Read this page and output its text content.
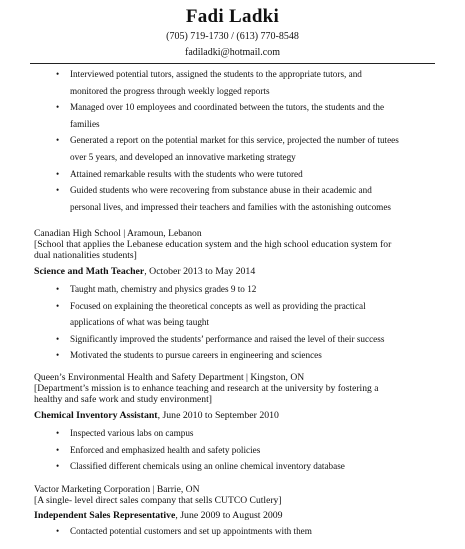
Fadi Ladki
(705) 719-1730 / (613) 770-8548
fadiladki@hotmail.com
• Interviewed potential tutors, assigned the students to the appropriate tutors, and
monitored the progress through weekly logged reports
• Managed over 10 employees and coordinated between the tutors, the students and the
families
• Generated a report on the potential market for this service, projected the number of tutees
over 5 years, and developed an innovative marketing strategy
• Attained remarkable results with the students who were tutored
• Guided students who were recovering from substance abuse in their academic and
personal lives, and impressed their teachers and families with the astonishing outcomes
Canadian High School | Aramoun, Lebanon
[School that applies the Lebanese education system and the high school education system for
dual nationalities students]
Science and Math Teacher, October 2013 to May 2014
• Taught math, chemistry and physics grades 9 to 12
• Focused on explaining the theoretical concepts as well as providing the practical
applications of what was being taught
• Significantly improved the students’ performance and raised the level of their success
• Motivated the students to pursue careers in engineering and sciences
Queen’s Environmental Health and Safety Department | Kingston, ON
[Department’s mission is to enhance teaching and research at the university by fostering a
healthy and safe work and study environment]
Chemical Inventory Assistant, June 2010 to September 2010
• Inspected various labs on campus
• Enforced and emphasized health and safety policies
• Classified different chemicals using an online chemical inventory database
Vactor Marketing Corporation | Barrie, ON
[A single- level direct sales company that sells CUTCO Cutlery]
Independent Sales Representative, June 2009 to August 2009
• Contacted potential customers and set up appointments with them
